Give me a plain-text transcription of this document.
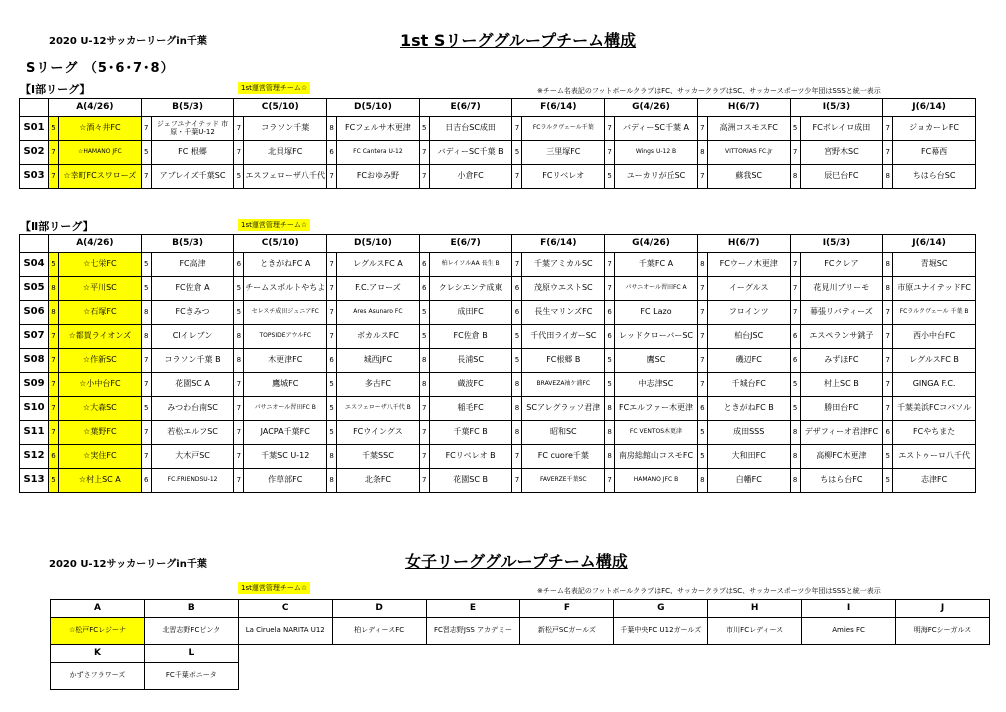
2020 U-12サッカーリーグin千葉	1st Sリーググループチーム構成
Sリーグ （5･6･7･8）
【Ⅰ部リーグ】	1st運営管理チーム☆	※チーム名表記のフットボールクラブはFC、サッカークラブはSC、サッカースポーツ少年団はSSSと統一表示
	A(4/26)		B(5/3)		C(5/10)		D(5/10)		E(6/7)		F(6/14)		G(4/26)		H(6/7)		I(5/3)		J(6/14)	
S01	5	☆酒々井FC	7	ジェフユナイテッド 市原・千葉U-12	7	コラソン千葉	8	FCフェルサ木更津	5	日吉台SC成田	7	FCラルクヴェール千葉	7	バディーSC千葉 A	7	高洲コスモスFC	5	FCボレイロ成田	7	ジョカーレFC
S02	7	☆HAMANO JFC	5	FC 根郷	7	北貝塚FC	6	FC Cantera U-12	7	バディーSC千葉 B	5	三里塚FC	7	Wings U-12 B	8	VITTORIAS FC.Jr	7	宮野木SC	7	FC幕西
S03	7	☆幸町FCスワローズ	7	アブレイズ千葉SC	5	エスフェローザ八千代	7	FCおゆみ野	7	小倉FC	7	FCリベレオ	5	ユーカリが丘SC	7	蘇我SC	8	辰巳台FC	8	ちはら台SC
【Ⅱ部リーグ】	1st運営管理チーム☆
	A(4/26)		B(5/3)		C(5/10)		D(5/10)		E(6/7)		F(6/14)		G(4/26)		H(6/7)		I(5/3)		J(6/14)	
S04	5	☆七栄FC	5	FC高津	6	ときがねFC A	7	レグルスFC A	6	柏レイソルAA 長生 B	7	千葉アミカルSC	7	千葉FC A	8	FCウーノ木更津	7	FCクレア	8	青堀SC
S05	8	☆平川SC	5	FC佐倉 A	5	チームスポルトやちよ	7	F.C.アローズ	6	クレシエンテ成東	6	茂原ウエストSC	7	パサニオール習田FC A	7	イーグルス	7	花見川ブリーモ	8	市原ユナイテッドFC
S06	8	☆石塚FC	8	FCきみつ	5	セレスチ成田ジュニアFC	7	Ares Asunaro FC	5	成田FC	6	長生マリンズFC	6	FC Lazo	7	フロインツ	7	幕張リバティーズ	7	FCラルクヴェール 千葉 B
S07	7	☆都賀ライオンズ	8	CIイレブン	8	TOPSIDEアウルFC	7	ボカルスFC	5	FC佐倉 B	5	千代田ライガーSC	6	レッドクローバーSC	7	柏台JSC	6	エスペランサ銚子	7	西小中台FC
S08	7	☆作新SC	7	コラソン千葉 B	8	木更津FC	6	城西JFC	8	長浦SC	5	FC根郷 B	5	鷹SC	7	磯辺FC	6	みずほFC	7	レグルスFC B
S09	7	☆小中台FC	7	花園SC A	7	鷹城FC	5	多古FC	8	蔵波FC	8	BRAVEZA袖ケ浦FC	5	中志津SC	7	千城台FC	5	村上SC B	7	GINGA F.C.
S10	7	☆大森SC	5	みつわ台南SC	7	パサニオール習田FC B	5	エスフェローザ八千代 B	7	稲毛FC	8	SCアレグラッソ君津	8	FCエルファー木更津	6	ときがねFC B	5	勝田台FC	7	千葉美浜FCコパソル
S11	7	☆葉野FC	7	若松エルフSC	7	JACPA千葉FC	5	FCウイングス	7	千葉FC B	8	昭和SC	8	FC VENTOS木更津	5	成田SSS	8	デザフィーオ君津FC	6	FCやちまた
S12	6	☆実住FC	7	大木戸SC	7	千葉SC U-12	8	千葉SSC	7	FCリベレオ B	7	FC cuore千葉	8	南房総館山コスモFC	5	大和田FC	8	高柳FC木更津	5	エストゥーロ八千代
S13	5	☆村上SC A	6	FC.FRIENDSU-12	7	作草部FC	8	北条FC	7	花園SC B	7	FAVERZE千葉SC	7	HAMANO JFC B	8	白幡FC	8	ちはら台FC	5	志津FC
2020 U-12サッカーリーグin千葉	女子リーググループチーム構成
1st運営管理チーム☆	※チーム名表記のフットボールクラブはFC、サッカークラブはSC、サッカースポーツ少年団はSSSと統一表示
A	B	C	D	E	F	G	H	I	J
☆松戸FCレジーナ	北習志野FCピンク	La Ciruela NARITA U12	柏レディースFC	FC習志野JSS アカデミー	新松戸SCガールズ	千葉中央FC U12ガールズ	市川FCレディース	Amies FC	明海FCシーガルス
K	L								
かずさフラワーズ	FC千葉ボニータ								
